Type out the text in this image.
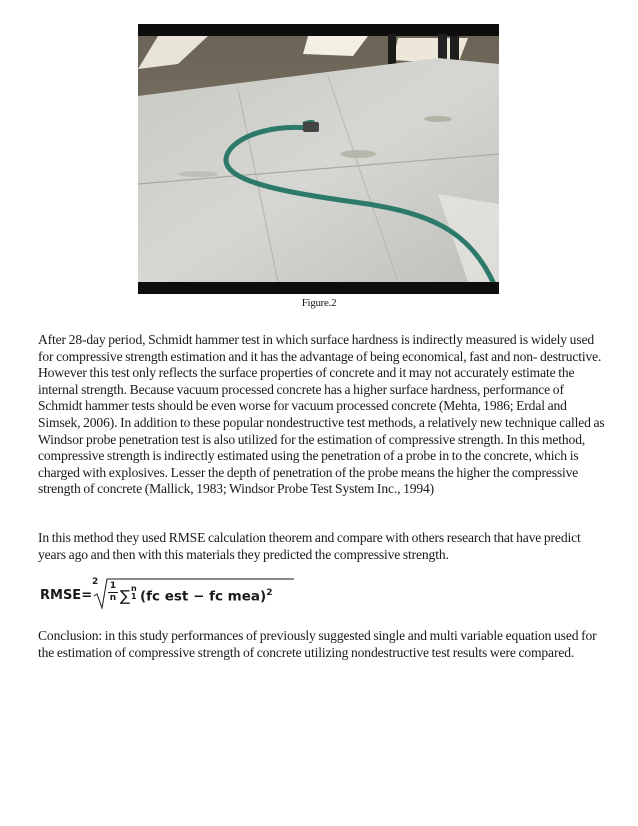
Figure.2

After 28-day period, Schmidt hammer test in which surface hardness is indirectly measured is widely used for compressive strength estimation and it has the advantage of being economical, fast and non- destructive. However this test only reflects the surface properties of concrete and it may not accurately estimate the internal strength. Because vacuum processed concrete has a higher surface hardness, performance of Schmidt hammer tests should be even worse for vacuum processed concrete (Mehta, 1986; Erdal and Simsek, 2006). In addition to these popular nondestructive test methods, a relatively new technique called as Windsor probe penetration test is also utilized for the estimation of compressive strength. In this method, compressive strength is indirectly estimated using the penetration of a probe in to the concrete, which is charged with explosives. Lesser the depth of penetration of the probe means the higher the compressive strength of concrete (Mallick, 1983; Windsor Probe Test System Inc., 1994)

In this method they used RMSE calculation theorem and compare with others research that have predict years ago and then with this materials they predicted the compressive strength.

RMSE=
$2 \frac{1}{n}$ ∑ n
1 (fc est − fc mea)$^2$

Conclusion: in this study performances of previously suggested single and multi variable equation used for the estimation of compressive strength of concrete utilizing nondestructive test results were compared.
